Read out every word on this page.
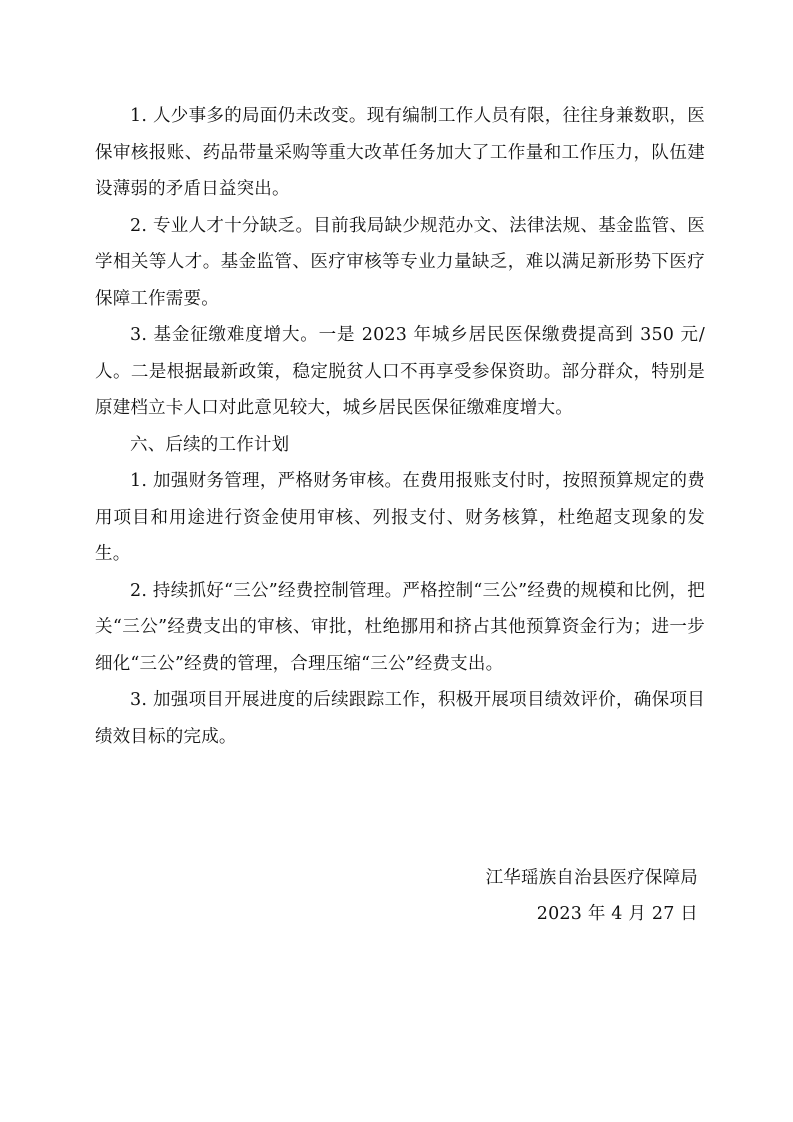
1. 人少事多的局面仍未改变。现有编制工作人员有限，往往身兼数职，医保审核报账、药品带量采购等重大改革任务加大了工作量和工作压力，队伍建设薄弱的矛盾日益突出。

2. 专业人才十分缺乏。目前我局缺少规范办文、法律法规、基金监管、医学相关等人才。基金监管、医疗审核等专业力量缺乏，难以满足新形势下医疗保障工作需要。

3. 基金征缴难度增大。一是 2023 年城乡居民医保缴费提高到 350 元/人。二是根据最新政策，稳定脱贫人口不再享受参保资助。部分群众，特别是原建档立卡人口对此意见较大，城乡居民医保征缴难度增大。

六、后续的工作计划

1. 加强财务管理，严格财务审核。在费用报账支付时，按照预算规定的费用项目和用途进行资金使用审核、列报支付、财务核算，杜绝超支现象的发生。

2. 持续抓好“三公”经费控制管理。严格控制“三公”经费的规模和比例，把关“三公”经费支出的审核、审批，杜绝挪用和挤占其他预算资金行为；进一步细化“三公”经费的管理，合理压缩“三公”经费支出。

3. 加强项目开展进度的后续跟踪工作，积极开展项目绩效评价，确保项目绩效目标的完成。

江华瑶族自治县医疗保障局
2023 年 4 月 27 日
